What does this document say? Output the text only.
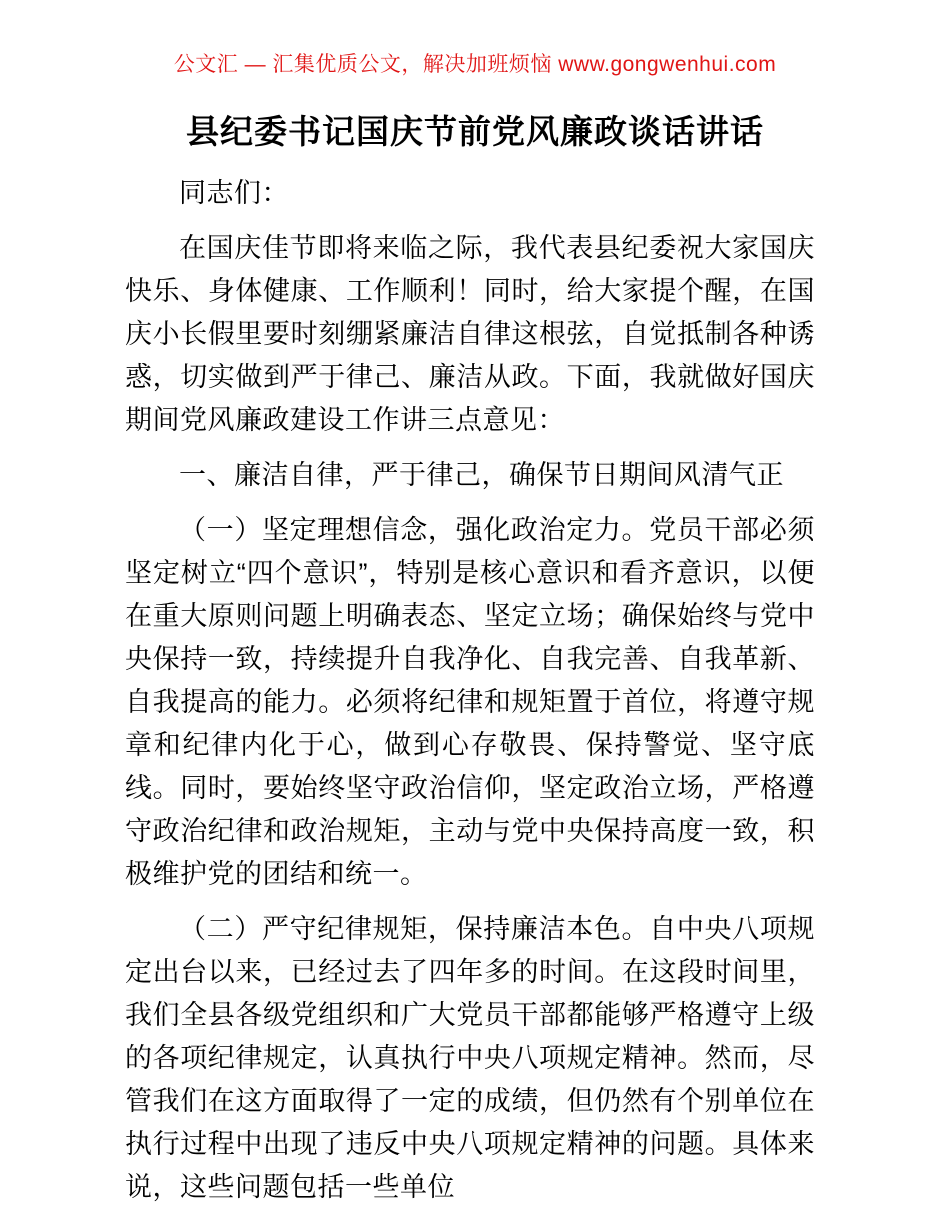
公文汇 — 汇集优质公文，解决加班烦恼 www.gongwenhui.com
县纪委书记国庆节前党风廉政谈话讲话

同志们：

在国庆佳节即将来临之际，我代表县纪委祝大家国庆快乐、身体健康、工作顺利！同时，给大家提个醒，在国庆小长假里要时刻绷紧廉洁自律这根弦，自觉抵制各种诱惑，切实做到严于律己、廉洁从政。下面，我就做好国庆期间党风廉政建设工作讲三点意见：

一、廉洁自律，严于律己，确保节日期间风清气正

（一）坚定理想信念，强化政治定力。党员干部必须坚定树立“四个意识”，特别是核心意识和看齐意识，以便在重大原则问题上明确表态、坚定立场；确保始终与党中央保持一致，持续提升自我净化、自我完善、自我革新、自我提高的能力。必须将纪律和规矩置于首位，将遵守规章和纪律内化于心，做到心存敬畏、保持警觉、坚守底线。同时，要始终坚守政治信仰，坚定政治立场，严格遵守政治纪律和政治规矩，主动与党中央保持高度一致，积极维护党的团结和统一。

（二）严守纪律规矩，保持廉洁本色。自中央八项规定出台以来，已经过去了四年多的时间。在这段时间里，我们全县各级党组织和广大党员干部都能够严格遵守上级的各项纪律规定，认真执行中央八项规定精神。然而，尽管我们在这方面取得了一定的成绩，但仍然有个别单位在执行过程中出现了违反中央八项规定精神的问题。具体来说，这些问题包括一些单位
